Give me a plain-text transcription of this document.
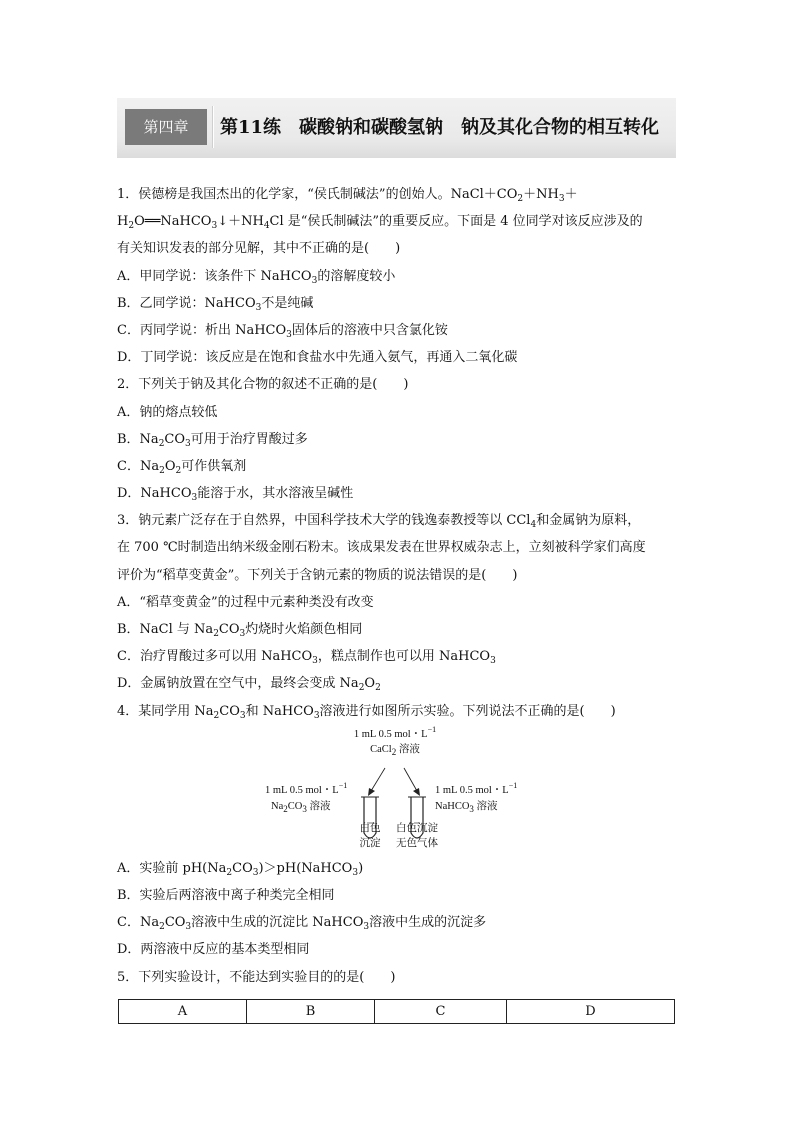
第四章	第11练　碳酸钠和碳酸氢钠　钠及其化合物的相互转化
1．侯德榜是我国杰出的化学家，“侯氏制碱法”的创始人。$NaCl+CO_2+NH_3+$
$H_2O══NaHCO_3↓+NH_4Cl$ 是“侯氏制碱法”的重要反应。下面是 4 位同学对该反应涉及的
有关知识发表的部分见解，其中不正确的是(　　)
A．甲同学说：该条件下 NaHCO$_3$的溶解度较小
B．乙同学说：NaHCO$_3$不是纯碱
C．丙同学说：析出 NaHCO$_3$固体后的溶液中只含氯化铵
D．丁同学说：该反应是在饱和食盐水中先通入氨气，再通入二氧化碳
2．下列关于钠及其化合物的叙述不正确的是(　　)
A．钠的熔点较低
B．$Na_2CO_3$可用于治疗胃酸过多
C．$Na_2O_2$可作供氧剂
D．NaHCO$_3$能溶于水，其水溶液呈碱性
3．钠元素广泛存在于自然界，中国科学技术大学的钱逸泰教授等以 CCl$_4$和金属钠为原料，
在 700 ℃时制造出纳米级金刚石粉末。该成果发表在世界权威杂志上，立刻被科学家们高度
评价为“稻草变黄金”。下列关于含钠元素的物质的说法错误的是(　　)
A．“稻草变黄金”的过程中元素种类没有改变
B．NaCl 与 $Na_2CO_3$灼烧时火焰颜色相同
C．治疗胃酸过多可以用 NaHCO$_3$，糕点制作也可以用 NaHCO$_3$
D．金属钠放置在空气中，最终会变成 $Na_2O_2$
4．某同学用 $Na_2CO_3$和 NaHCO$_3$溶液进行如图所示实验。下列说法不正确的是(　　)
1 mL 0.5 mol・$L^{-1}$
CaCl$_2$ 溶液
1 mL 0.5 mol・$L^{-1}$
$Na_2CO_3$ 溶液
1 mL 0.5 mol・$L^{-1}$
NaHCO$_3$ 溶液
白色
沉淀
白色沉淀
无色气体
A．实验前 $pH(Na_2CO_3)>pH(NaHCO_3)$
B．实验后两溶液中离子种类完全相同
C．$Na_2CO_3$溶液中生成的沉淀比 NaHCO$_3$溶液中生成的沉淀多
D．两溶液中反应的基本类型相同
5．下列实验设计，不能达到实验目的的是(　　)
A	B	C	D
